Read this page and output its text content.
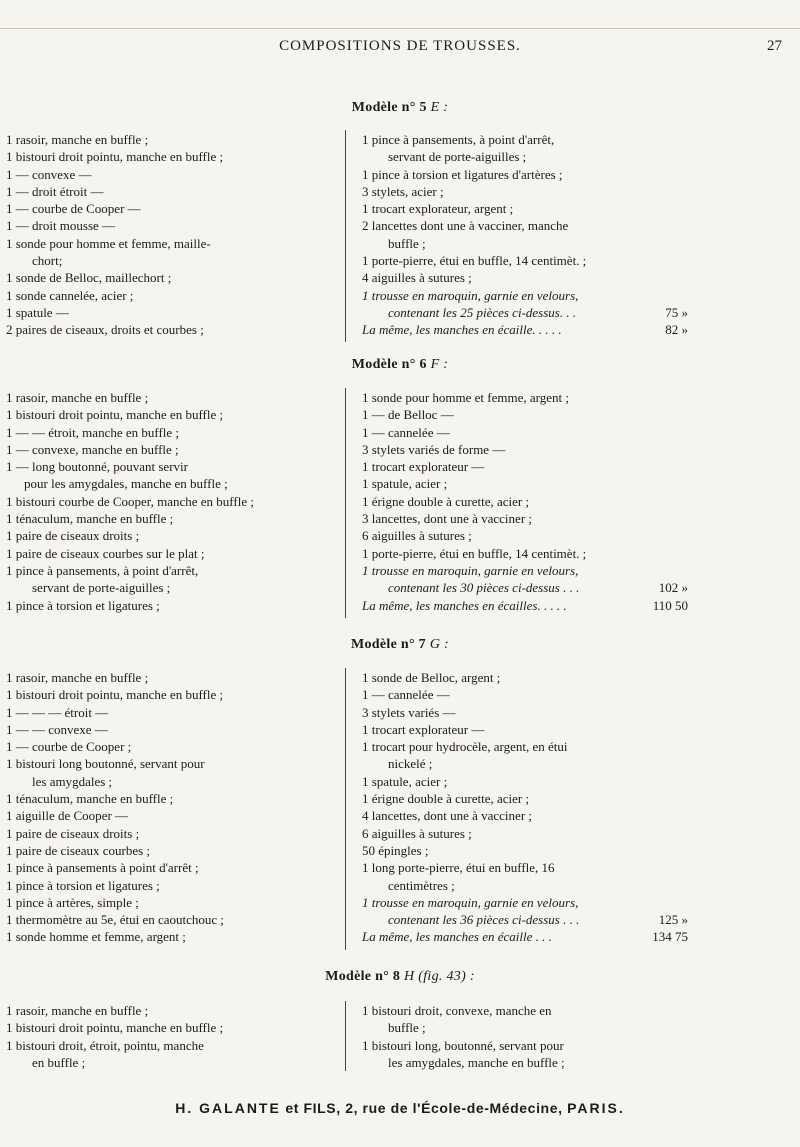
COMPOSITIONS DE TROUSSES.	27
Modèle n° 5 E :
1 rasoir, manche en buffle ;
1 bistouri droit pointu, manche en buffle ;
1 — convexe —
1 — droit étroit —
1 — courbe de Cooper —
1 — droit mousse —
1 sonde pour homme et femme, maille-
chort;
1 sonde de Belloc, maillechort ;
1 sonde cannelée, acier ;
1 spatule —
2 paires de ciseaux, droits et courbes ;
1 pince à pansements, à point d'arrêt,
servant de porte-aiguilles ;
1 pince à torsion et ligatures d'artères ;
3 stylets, acier ;
1 trocart explorateur, argent ;
2 lancettes dont une à vacciner, manche
buffle ;
1 porte-pierre, étui en buffle, 14 centimèt. ;
4 aiguilles à sutures ;
1 trousse en maroquin, garnie en velours,
contenant les 25 pièces ci-dessus. . .	75 »
La même, les manches en écaille. . . . .	82 »
Modèle n° 6 F :
1 rasoir, manche en buffle ;
1 bistouri droit pointu, manche en buffle ;
1 — — étroit, manche en buffle ;
1 — convexe, manche en buffle ;
1 — long boutonné, pouvant servir
pour les amygdales, manche en buffle ;
1 bistouri courbe de Cooper, manche en buffle ;
1 ténaculum, manche en buffle ;
1 paire de ciseaux droits ;
1 paire de ciseaux courbes sur le plat ;
1 pince à pansements, à point d'arrêt,
servant de porte-aiguilles ;
1 pince à torsion et ligatures ;
1 sonde pour homme et femme, argent ;
1 — de Belloc —
1 — cannelée —
3 stylets variés de forme —
1 trocart explorateur —
1 spatule, acier ;
1 érigne double à curette, acier ;
3 lancettes, dont une à vacciner ;
6 aiguilles à sutures ;
1 porte-pierre, étui en buffle, 14 centimèt. ;
1 trousse en maroquin, garnie en velours,
contenant les 30 pièces ci-dessus . . .	102 »
La même, les manches en écailles. . . . .	110 50
Modèle n° 7 G :
1 rasoir, manche en buffle ;
1 bistouri droit pointu, manche en buffle ;
1 — — — étroit —
1 — — convexe —
1 — courbe de Cooper ;
1 bistouri long boutonné, servant pour
les amygdales ;
1 ténaculum, manche en buffle ;
1 aiguille de Cooper —
1 paire de ciseaux droits ;
1 paire de ciseaux courbes ;
1 pince à pansements à point d'arrêt ;
1 pince à torsion et ligatures ;
1 pince à artères, simple ;
1 thermomètre au 5e, étui en caoutchouc ;
1 sonde homme et femme, argent ;
1 sonde de Belloc, argent ;
1 — cannelée —
3 stylets variés —
1 trocart explorateur —
1 trocart pour hydrocèle, argent, en étui
nickelé ;
1 spatule, acier ;
1 érigne double à curette, acier ;
4 lancettes, dont une à vacciner ;
6 aiguilles à sutures ;
50 épingles ;
1 long porte-pierre, étui en buffle, 16
centimètres ;
1 trousse en maroquin, garnie en velours,
contenant les 36 pièces ci-dessus . . .	125 »
La même, les manches en écaille . . .	134 75
Modèle n° 8 H (fig. 43) :
1 rasoir, manche en buffle ;
1 bistouri droit pointu, manche en buffle ;
1 bistouri droit, étroit, pointu, manche
en buffle ;
1 bistouri droit, convexe, manche en
buffle ;
1 bistouri long, boutonné, servant pour
les amygdales, manche en buffle ;
H. GALANTE et FILS, 2, rue de l'École-de-Médecine, PARIS.
